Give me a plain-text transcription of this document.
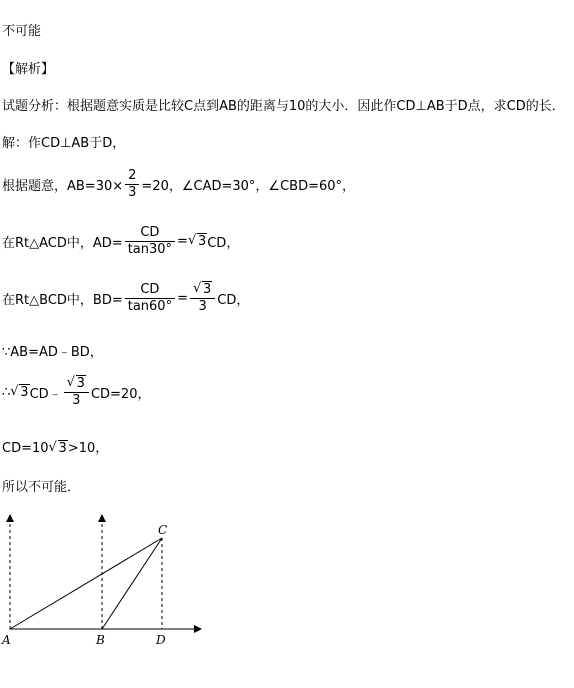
不可能
【解析】
试题分析：根据题意实质是比较C点到AB的距离与10的大小．因此作CD⊥AB于D点，求CD的长．
解：作CD⊥AB于D，
根据题意，$AB=30\times \frac{2}{3} =20$，∠CAD=30°，∠CBD=60°，
在Rt△ACD中，$AD= \frac{CD}{\tan 30^\circ}$ = √ 3CD，
在Rt△BCD中，$BD= \frac{CD}{\tan 60^\circ} = \frac{√ 3}{3}$ CD，
∵AB=AD﹣BD，
∴ √ 3CD﹣ $\frac{√ 3}{3} CD=20$，
CD=10 √ 3>10，
所以不可能．
A	B
C
D
